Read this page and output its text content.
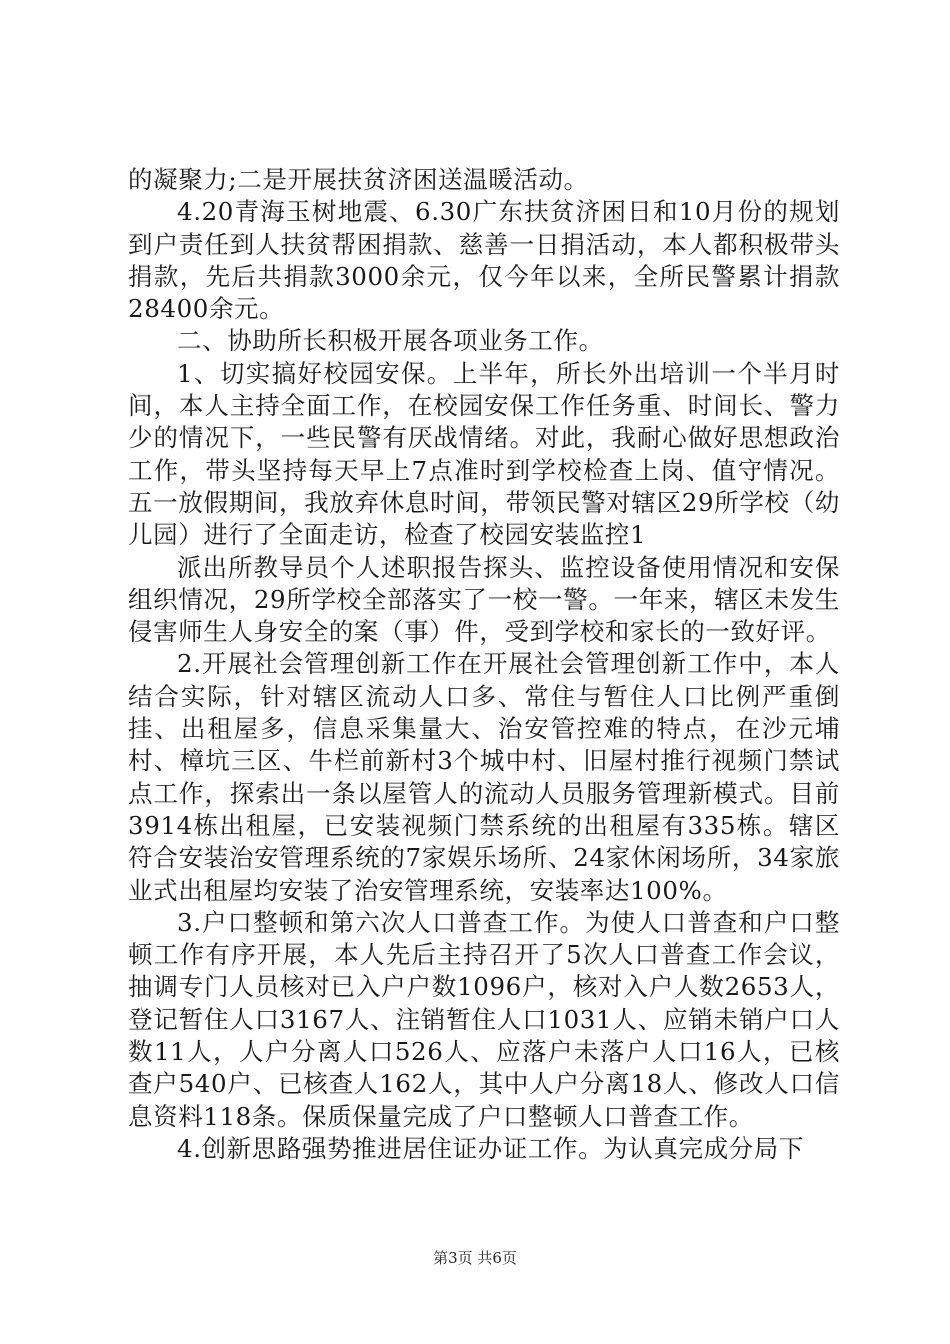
的凝聚力;二是开展扶贫济困送温暖活动。

4.20青海玉树地震、6.30广东扶贫济困日和10月份的规划到户责任到人扶贫帮困捐款、慈善一日捐活动，本人都积极带头捐款，先后共捐款3000余元，仅今年以来，全所民警累计捐款28400余元。

二、协助所长积极开展各项业务工作。

1、切实搞好校园安保。上半年，所长外出培训一个半月时间，本人主持全面工作，在校园安保工作任务重、时间长、警力少的情况下，一些民警有厌战情绪。对此，我耐心做好思想政治工作，带头坚持每天早上7点准时到学校检查上岗、值守情况。五一放假期间，我放弃休息时间，带领民警对辖区29所学校（幼儿园）进行了全面走访，检查了校园安装监控1

派出所教导员个人述职报告探头、监控设备使用情况和安保组织情况，29所学校全部落实了一校一警。一年来，辖区未发生侵害师生人身安全的案（事）件，受到学校和家长的一致好评。

2.开展社会管理创新工作在开展社会管理创新工作中，本人结合实际，针对辖区流动人口多、常住与暂住人口比例严重倒挂、出租屋多，信息采集量大、治安管控难的特点，在沙元埔村、樟坑三区、牛栏前新村3个城中村、旧屋村推行视频门禁试点工作，探索出一条以屋管人的流动人员服务管理新模式。目前3914栋出租屋，已安装视频门禁系统的出租屋有335栋。辖区符合安装治安管理系统的7家娱乐场所、24家休闲场所，34家旅业式出租屋均安装了治安管理系统，安装率达100%。

3.户口整顿和第六次人口普查工作。为使人口普查和户口整顿工作有序开展，本人先后主持召开了5次人口普查工作会议，抽调专门人员核对已入户户数1096户，核对入户人数2653人，登记暂住人口3167人、注销暂住人口1031人、应销未销户口人数11人，人户分离人口526人、应落户未落户人口16人，已核查户540户、已核查人162人，其中人户分离18人、修改人口信息资料118条。保质保量完成了户口整顿人口普查工作。

4.创新思路强势推进居住证办证工作。为认真完成分局下

第3页 共6页
